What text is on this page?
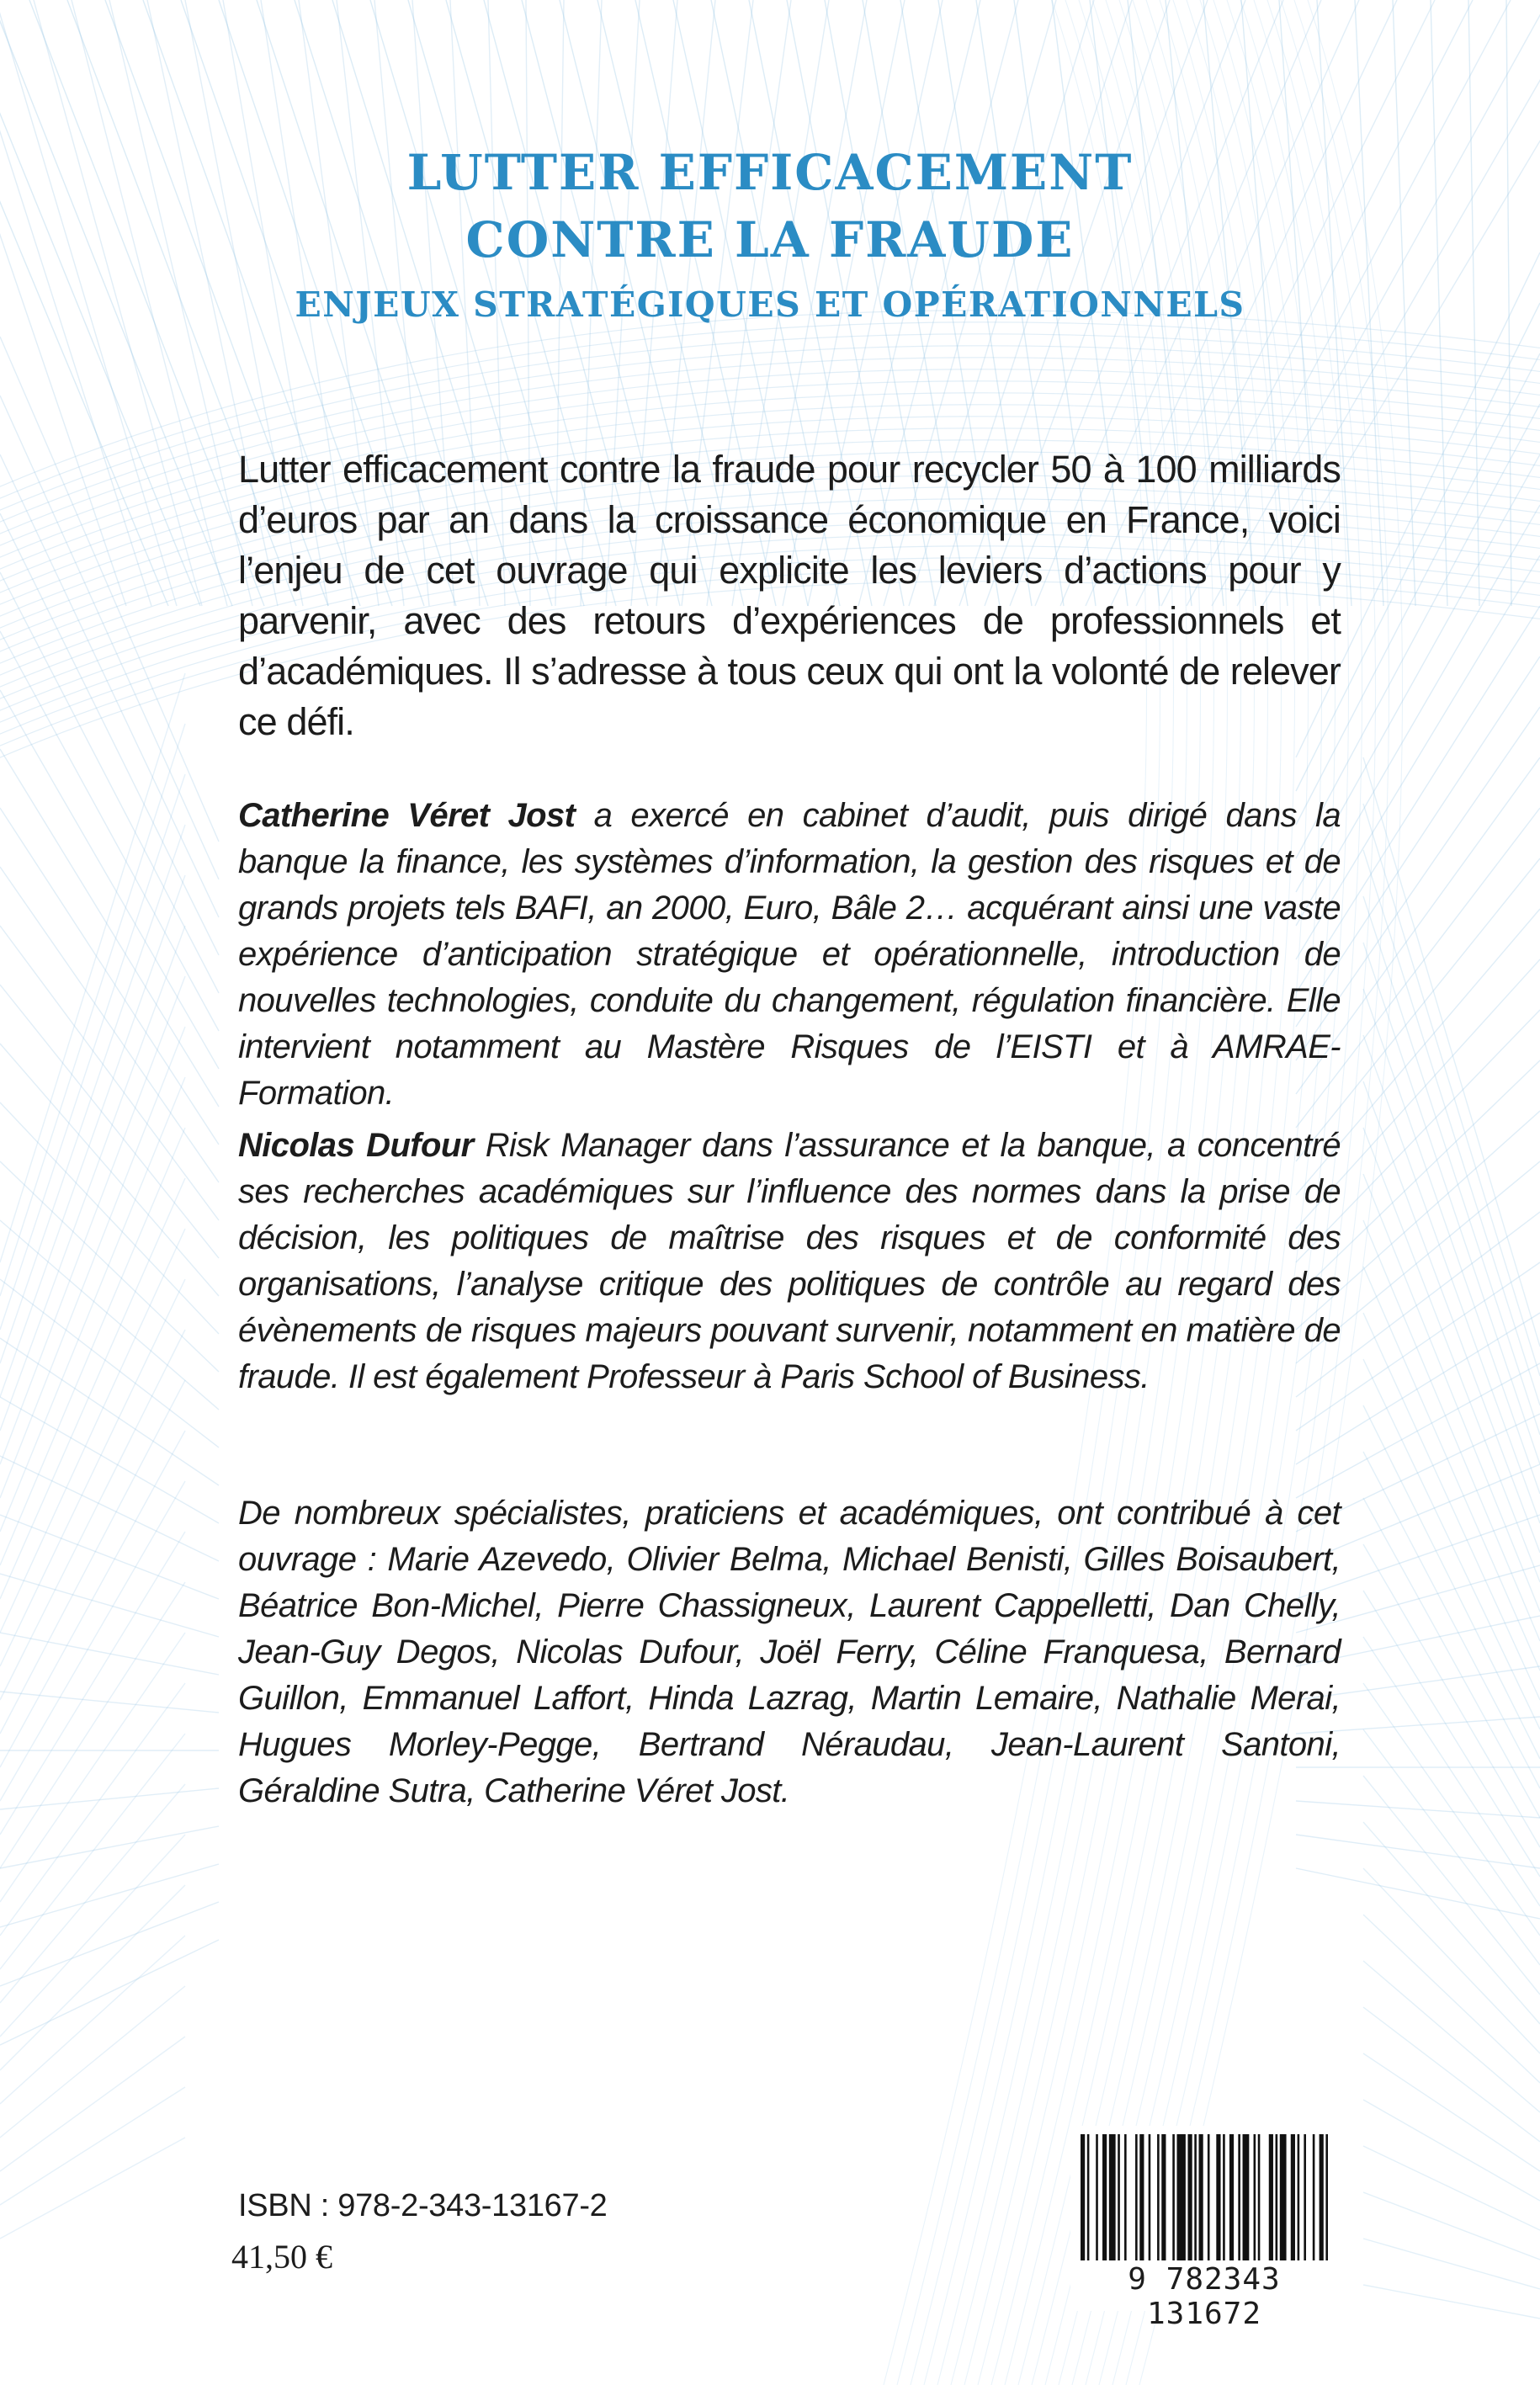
LUTTER EFFICACEMENT
CONTRE LA FRAUDE
ENJEUX STRATÉGIQUES ET OPÉRATIONNELS

Lutter efficacement contre la fraude pour recycler 50 à 100 milliards d’euros par an dans la croissance économique en France, voici l’enjeu de cet ouvrage qui explicite les leviers d’actions pour y parvenir, avec des retours d’expériences de professionnels et d’académiques. Il s’adresse à tous ceux qui ont la volonté de relever ce défi.

Catherine Véret Jost a exercé en cabinet d’audit, puis dirigé dans la banque la finance, les systèmes d’information, la gestion des risques et de grands projets tels BAFI, an 2000, Euro, Bâle 2… acquérant ainsi une vaste expérience d’anticipation stratégique et opérationnelle, introduction de nouvelles technologies, conduite du changement, régulation financière. Elle intervient notamment au Mastère Risques de l’EISTI et à AMRAE-Formation.

Nicolas Dufour Risk Manager dans l’assurance et la banque, a concentré ses recherches académiques sur l’influence des normes dans la prise de décision, les politiques de maîtrise des risques et de conformité des organisations, l’analyse critique des politiques de contrôle au regard des évènements de risques majeurs pouvant survenir, notamment en matière de fraude. Il est également Professeur à Paris School of Business.

De nombreux spécialistes, praticiens et académiques, ont contribué à cet ouvrage : Marie Azevedo, Olivier Belma, Michael Benisti, Gilles Boisaubert, Béatrice Bon-Michel, Pierre Chassigneux, Laurent Cappelletti, Dan Chelly, Jean-Guy Degos, Nicolas Dufour, Joël Ferry, Céline Franquesa, Bernard Guillon, Emmanuel Laffort, Hinda Lazrag, Martin Lemaire, Nathalie Merai, Hugues Morley-Pegge, Bertrand Néraudau, Jean-Laurent Santoni, Géraldine Sutra, Catherine Véret Jost.

ISBN : 978-2-343-13167-2
41,50 €
9 782343 131672
